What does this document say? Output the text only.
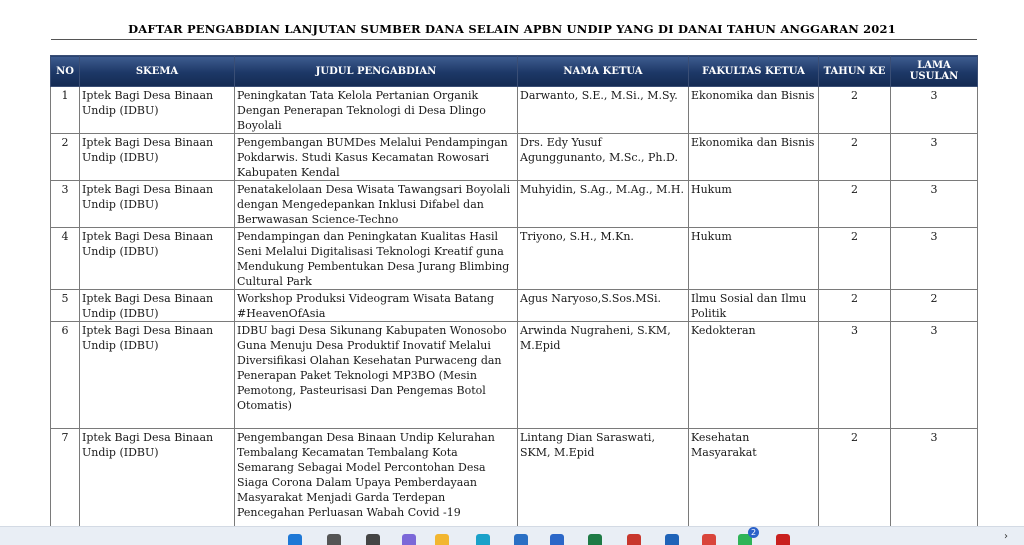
DAFTAR PENGABDIAN LANJUTAN SUMBER DANA SELAIN APBN UNDIP YANG DI DANAI TAHUN ANGGARAN 2021
NO	SKEMA	JUDUL PENGABDIAN	NAMA KETUA	FAKULTAS KETUA	TAHUN KE	LAMA USULAN
1	Iptek Bagi Desa Binaan Undip (IDBU)	Peningkatan Tata Kelola Pertanian Organik Dengan Penerapan Teknologi di Desa Dlingo Boyolali	Darwanto, S.E., M.Si., M.Sy.	Ekonomika dan Bisnis	2	3
2	Iptek Bagi Desa Binaan Undip (IDBU)	Pengembangan BUMDes Melalui Pendampingan Pokdarwis. Studi Kasus Kecamatan Rowosari Kabupaten Kendal	Drs. Edy Yusuf Agunggunanto, M.Sc., Ph.D.	Ekonomika dan Bisnis	2	3
3	Iptek Bagi Desa Binaan Undip (IDBU)	Penatakelolaan Desa Wisata Tawangsari Boyolali dengan Mengedepankan Inklusi Difabel dan Berwawasan Science-Techno	Muhyidin, S.Ag., M.Ag., M.H.	Hukum	2	3
4	Iptek Bagi Desa Binaan Undip (IDBU)	Pendampingan dan Peningkatan Kualitas Hasil Seni Melalui Digitalisasi Teknologi Kreatif guna Mendukung Pembentukan Desa Jurang Blimbing Cultural Park	Triyono, S.H., M.Kn.	Hukum	2	3
5	Iptek Bagi Desa Binaan Undip (IDBU)	Workshop Produksi Videogram Wisata Batang #HeavenOfAsia	Agus Naryoso,S.Sos.MSi.	Ilmu Sosial dan Ilmu Politik	2	2
6	Iptek Bagi Desa Binaan Undip (IDBU)	IDBU bagi Desa Sikunang Kabupaten Wonosobo Guna Menuju Desa Produktif Inovatif Melalui Diversifikasi Olahan Kesehatan Purwaceng dan Penerapan Paket Teknologi MP3BO (Mesin Pemotong, Pasteurisasi Dan Pengemas Botol Otomatis)	Arwinda Nugraheni, S.KM, M.Epid	Kedokteran	3	3
7	Iptek Bagi Desa Binaan Undip (IDBU)	Pengembangan Desa Binaan Undip Kelurahan Tembalang Kecamatan Tembalang Kota Semarang Sebagai Model Percontohan Desa Siaga Corona Dalam Upaya Pemberdayaan Masyarakat Menjadi Garda Terdepan Pencegahan Perluasan Wabah Covid -19	Lintang Dian Saraswati, SKM, M.Epid	Kesehatan Masyarakat	2	3
2	›
